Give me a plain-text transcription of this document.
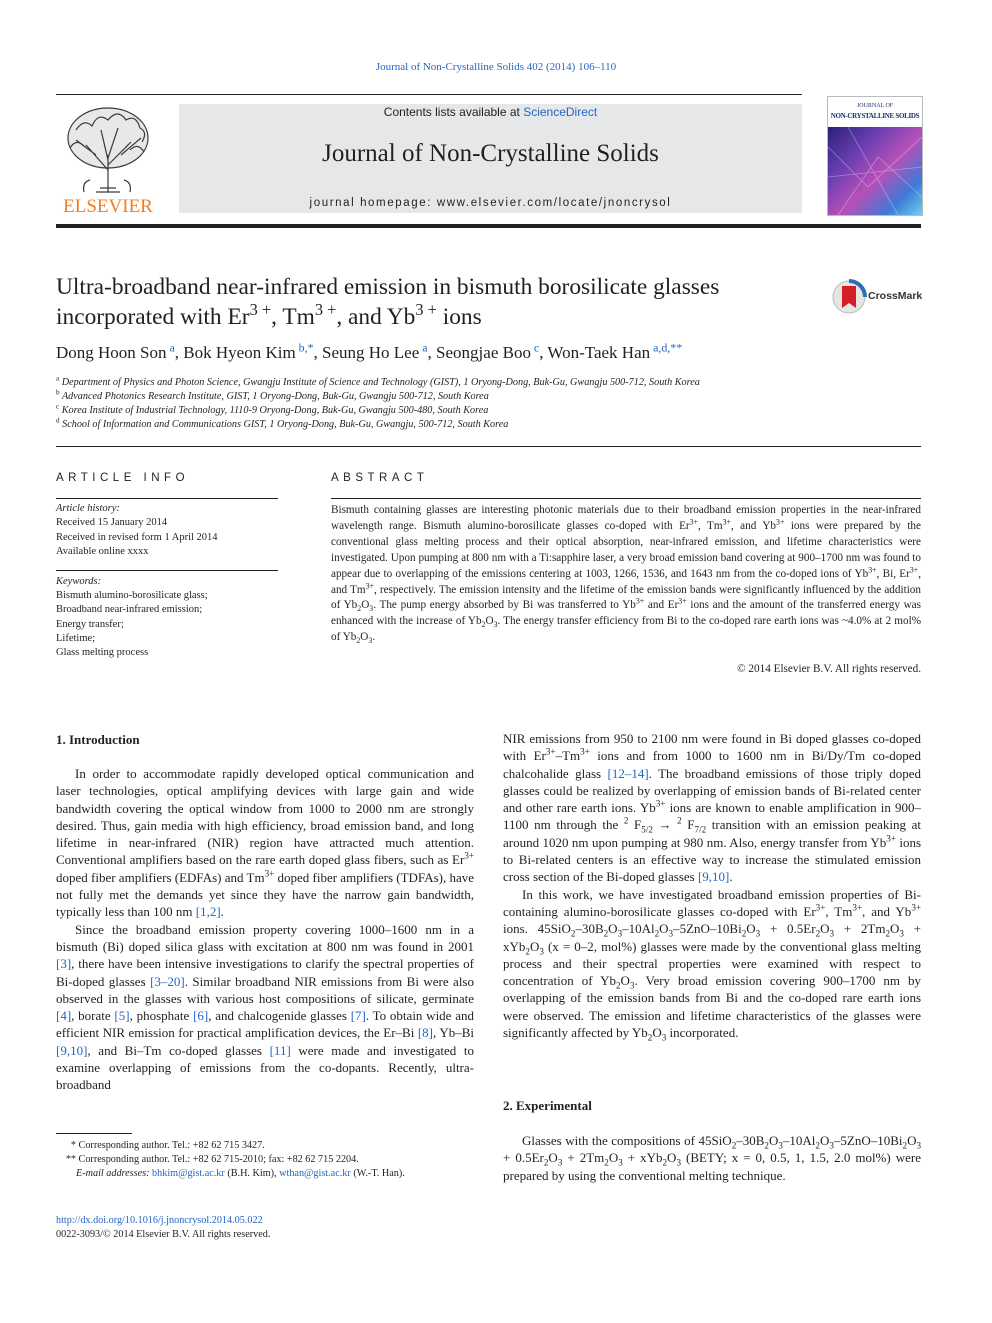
Journal of Non-Crystalline Solids 402 (2014) 106–110
ELSEVIER
Contents lists available at ScienceDirect
Journal of Non-Crystalline Solids
journal homepage: www.elsevier.com/locate/jnoncrysol
JOURNAL OF
NON-CRYSTALLINE SOLIDS
Ultra-broadband near-infrared emission in bismuth borosilicate glasses
incorporated with $Er^{3 +}$, $Tm^{3 +}$, and $Yb^{3 +}$ ions
CrossMark
Dong Hoon Son $^a$, Bok Hyeon Kim $^{b,*}$, Seung Ho Lee $^a$, Seongjae Boo $^c$, Won-Taek Han $^{a,d,**}$
$^a$ Department of Physics and Photon Science, Gwangju Institute of Science and Technology (GIST), 1 Oryong-Dong, Buk-Gu, Gwangju 500-712, South Korea
$^b$ Advanced Photonics Research Institute, GIST, 1 Oryong-Dong, Buk-Gu, Gwangju 500-712, South Korea
$^c$ Korea Institute of Industrial Technology, 1110-9 Oryong-Dong, Buk-Gu, Gwangju 500-480, South Korea
$^d$ School of Information and Communications GIST, 1 Oryong-Dong, Buk-Gu, Gwangju, 500-712, South Korea
ARTICLE INFO
Article history:
Received 15 January 2014
Received in revised form 1 April 2014
Available online xxxx
Keywords:
Bismuth alumino-borosilicate glass;
Broadband near-infrared emission;
Energy transfer;
Lifetime;
Glass melting process
ABSTRACT

Bismuth containing glasses are interesting photonic materials due to their broadband emission properties in the near-infrared wavelength range. Bismuth alumino-borosilicate glasses co-doped with $Er^{3+}$, $Tm^{3+}$, and $Yb^{3+}$ ions were prepared by the conventional glass melting process and their optical absorption, near-infrared emission, and lifetime characteristics were investigated. Upon pumping at 800 nm with a Ti:sapphire laser, a very broad emission band covering at 900–1700 nm was found to appear due to overlapping of the emissions centering at 1003, 1266, 1536, and 1643 nm from the co-doped ions of $Yb^{3+}$, Bi, $Er^{3+}$, and $Tm^{3+}$, respectively. The emission intensity and the lifetime of the emission bands were significantly influenced by the addition of $Yb_2O_3$. The pump energy absorbed by Bi was transferred to $Yb^{3+}$ and $Er^{3+}$ ions and the amount of the transferred energy was enhanced with the increase of $Yb_2O_3$. The energy transfer efficiency from Bi to the co-doped rare earth ions was ~4.0% at 2 mol% of $Yb_2O_3$.

© 2014 Elsevier B.V. All rights reserved.
1. Introduction

In order to accommodate rapidly developed optical communication and laser technologies, optical amplifying devices with large gain and wide bandwidth covering the optical window from 1000 to 2000 nm are strongly desired. Thus, gain media with high efficiency, broad emission band, and long lifetime in near-infrared (NIR) region have attracted much attention. Conventional amplifiers based on the rare earth doped glass fibers, such as $Er^{3+}$ doped fiber amplifiers (EDFAs) and $Tm^{3+}$ doped fiber amplifiers (TDFAs), have not fully met the demands yet since they have the narrow gain bandwidth, typically less than 100 nm [1,2].

Since the broadband emission property covering 1000–1600 nm in a bismuth (Bi) doped silica glass with excitation at 800 nm was found in 2001 [3], there have been intensive investigations to clarify the spectral properties of Bi-doped glasses [3–20]. Similar broadband NIR emissions from Bi were also observed in the glasses with various host compositions of silicate, germinate [4], borate [5], phosphate [6], and chalcogenide glasses [7]. To obtain wide and efficient NIR emission for practical amplification devices, the Er–Bi [8], Yb–Bi [9,10], and Bi–Tm co-doped glasses [11] were made and investigated to examine overlapping of emissions from the co-dopants. Recently, ultra-broadband

NIR emissions from 950 to 2100 nm were found in Bi doped glasses co-doped with $Er^{3+}-Tm^{3+}$ ions and from 1000 to 1600 nm in Bi/Dy/Tm co-doped chalcohalide glass [12–14]. The broadband emissions of those triply doped glasses could be realized by overlapping of emission bands of Bi-related center and other rare earth ions. $Yb^{3+}$ ions are known to enable amplification in 900–1100 nm through the $^2$ $F_{5/2} \to ^2$ $F_{7/2}$ transition with an emission peaking at around 1020 nm upon pumping at 980 nm. Also, energy transfer from $Yb^{3+}$ ions to Bi-related centers is an effective way to increase the stimulated emission cross section of the Bi-doped glasses [9,10].

In this work, we have investigated broadband emission properties of Bi-containing alumino-borosilicate glasses co-doped with $Er^{3+}$, $Tm^{3+}$, and $Yb^{3+}$ ions. $45SiO_2-30B_2O_3-10Al_2O_3-5ZnO-10Bi_2O_3 + 0.5Er_2O_3 + 2Tm_2O_3 + xYb_2O_3$ (x = 0–2, mol%) glasses were made by the conventional glass melting process and their spectral properties were examined with respect to concentration of $Yb_2O_3$. Very broad emission covering 900–1700 nm by overlapping of the emission bands from Bi and the co-doped rare earth ions were observed. The emission and lifetime characteristics of the glasses were significantly affected by $Yb_2O_3$ incorporated.

2. Experimental

Glasses with the compositions of $45SiO_2-30B_2O_3-10Al_2O_3-5ZnO-10Bi_2O_3 + 0.5Er_2O_3 + 2Tm_2O_3 + xYb_2O_3$ (BETY; x = 0, 0.5, 1, 1.5, 2.0 mol%) were prepared by using the conventional melting technique.

* Corresponding author. Tel.: +82 62 715 3427.
** Corresponding author. Tel.: +82 62 715-2010; fax: +82 62 715 2204.
E-mail addresses: bhkim@gist.ac.kr (B.H. Kim), wthan@gist.ac.kr (W.-T. Han).
http://dx.doi.org/10.1016/j.jnoncrysol.2014.05.022
0022-3093/© 2014 Elsevier B.V. All rights reserved.
